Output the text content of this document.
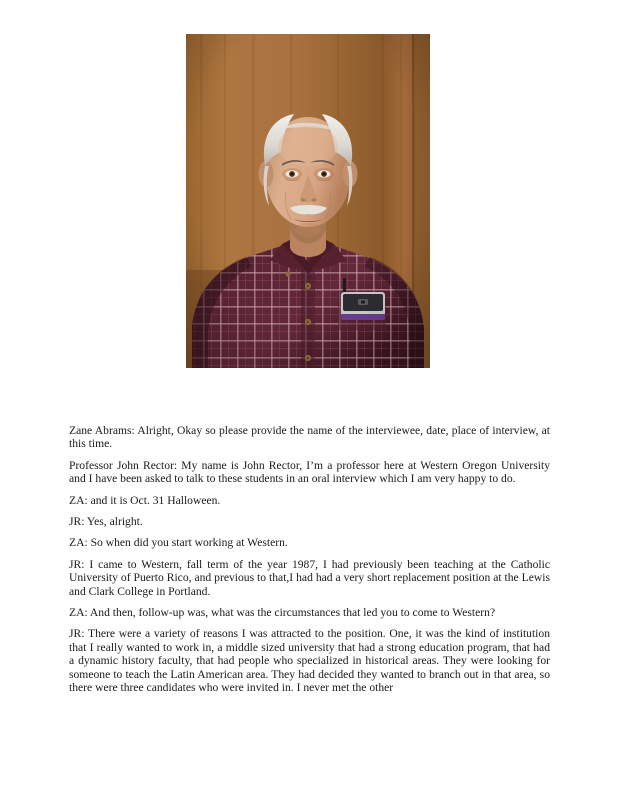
Zane Abrams: Alright, Okay so please provide the name of the interviewee, date, place of interview, at this time.

Professor John Rector: My name is John Rector, I’m a professor here at Western Oregon University and I have been asked to talk to these students in an oral interview which I am very happy to do.

ZA: and it is Oct. 31 Halloween.

JR: Yes, alright.

ZA: So when did you start working at Western.

JR: I came to Western, fall term of the year 1987, I had previously been teaching at the Catholic University of Puerto Rico, and previous to that,I had had a very short replacement position at the Lewis and Clark College in Portland.

ZA: And then, follow-up was, what was the circumstances that led you to come to Western?

JR: There were a variety of reasons I was attracted to the position. One, it was the kind of institution that I really wanted to work in, a middle sized university that had a strong education program, that had a dynamic history faculty, that had people who specialized in historical areas. They were looking for someone to teach the Latin American area. They had decided they wanted to branch out in that area, so there were three candidates who were invited in. I never met the other
